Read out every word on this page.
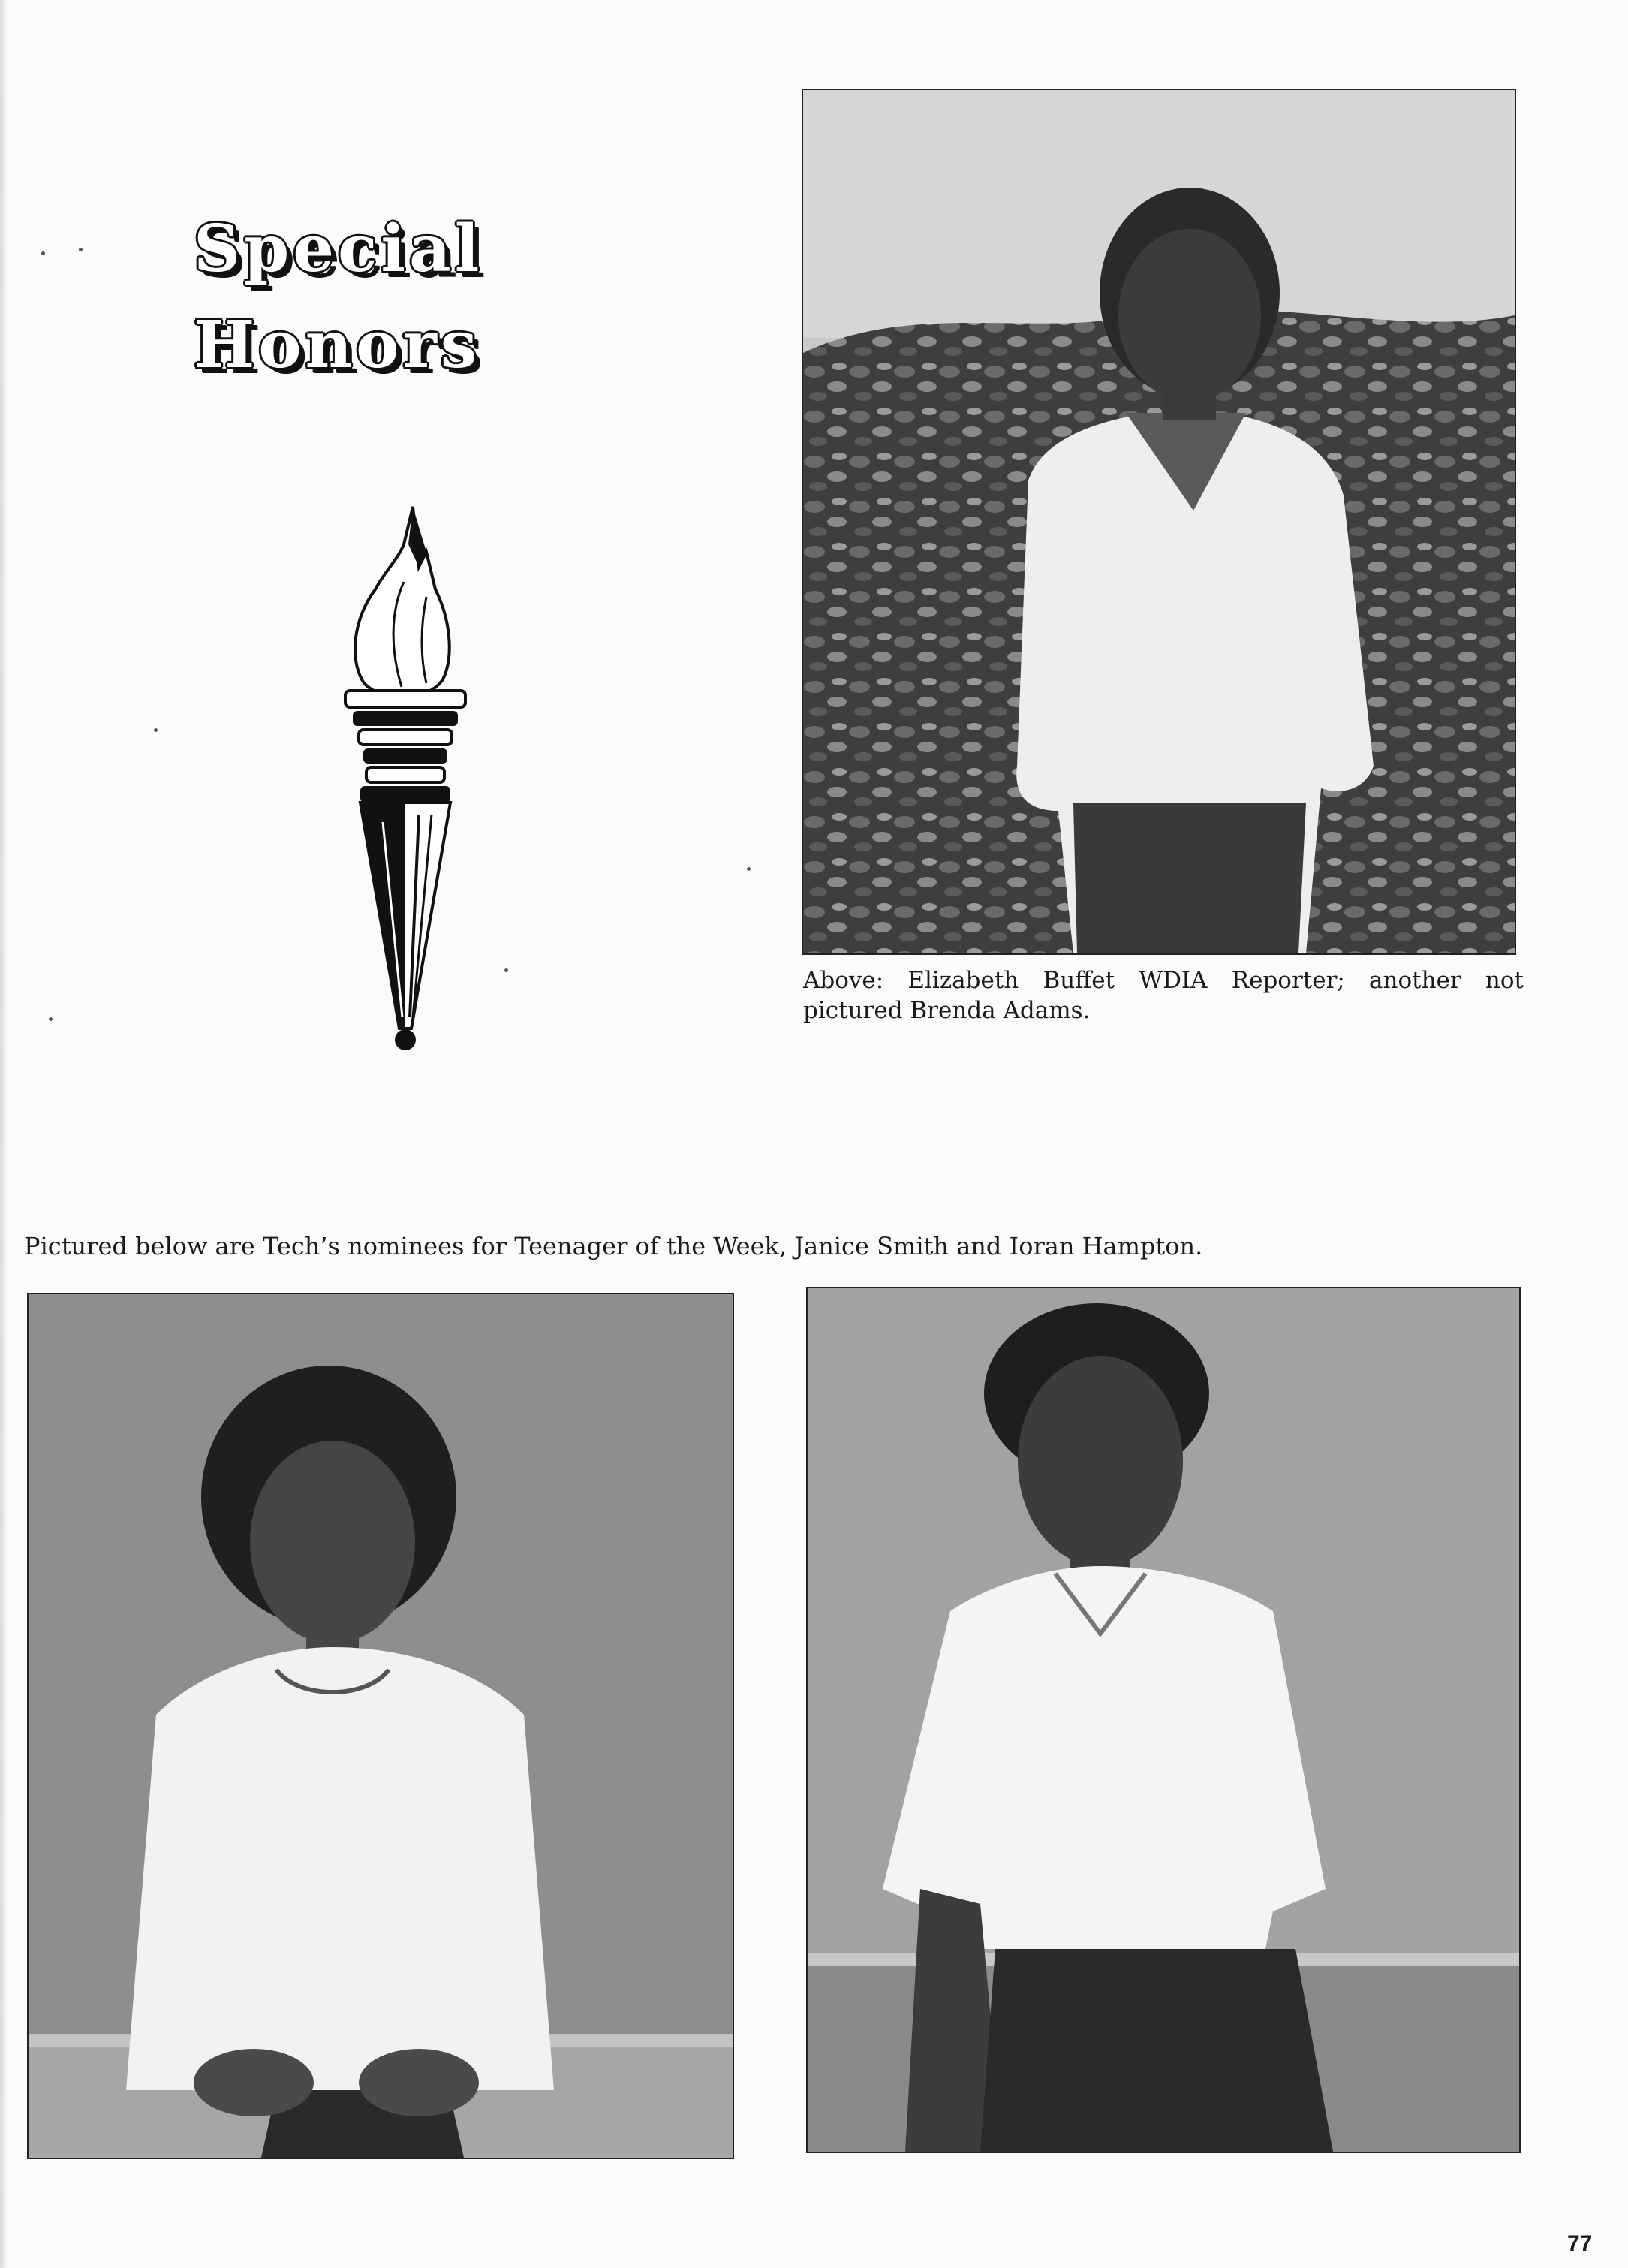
Special
Honors

Above: Elizabeth Buffet WDIA Reporter; another not pictured Brenda Adams.

Pictured below are Tech’s nominees for Teenager of the Week, Janice Smith and Ioran Hampton.

77
